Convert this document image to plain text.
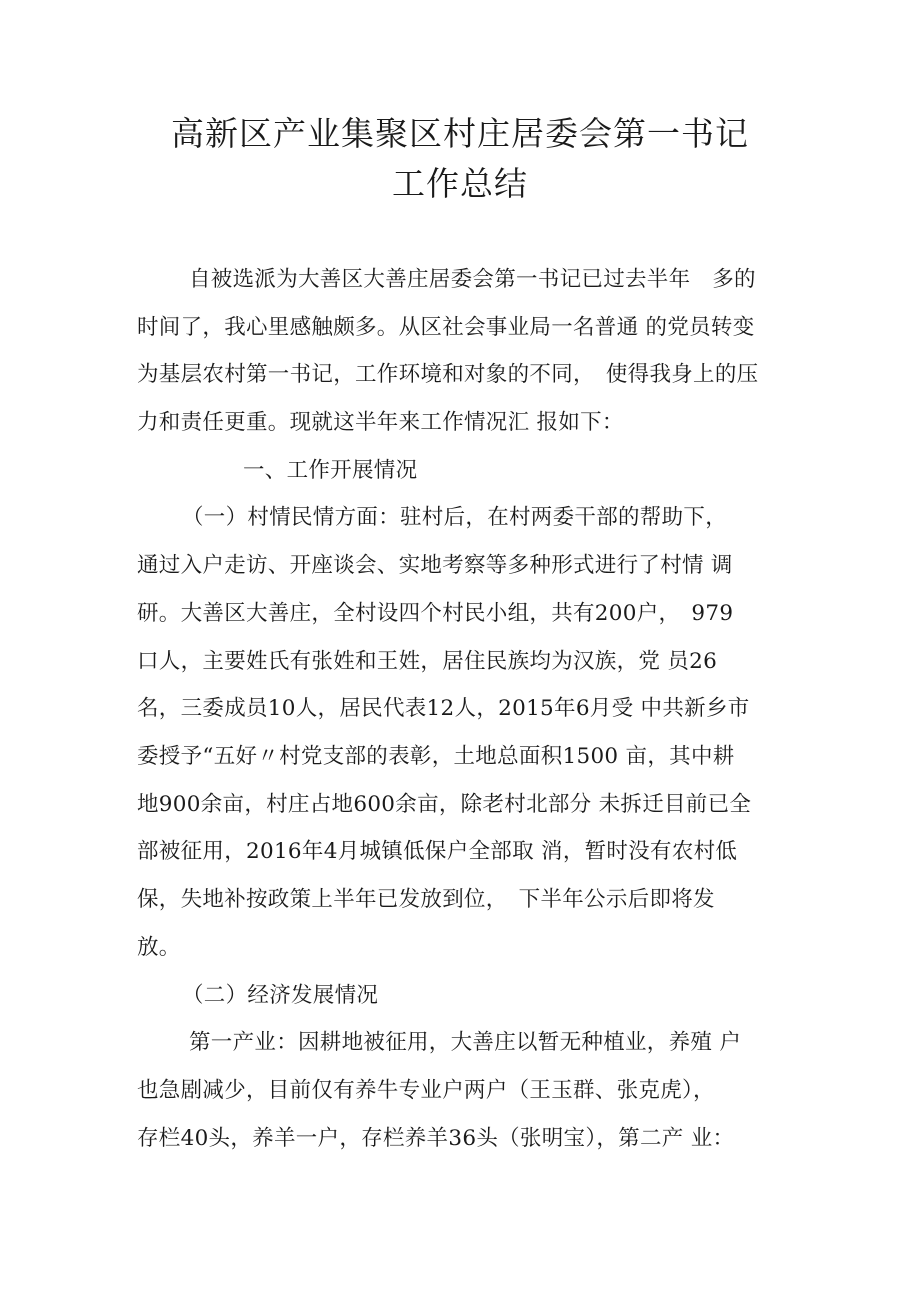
高新区产业集聚区村庄居委会第一书记
工作总结
自被选派为大善区大善庄居委会第一书记已过去半年　多的
时间了，我心里感触颇多。从区社会事业局一名普通 的党员转变
为基层农村第一书记，工作环境和对象的不同，　使得我身上的压
力和责任更重。现就这半年来工作情况汇 报如下：
一、工作开展情况
（一）村情民情方面：驻村后，在村两委干部的帮助下，
通过入户走访、开座谈会、实地考察等多种形式进行了村情 调
研。大善区大善庄，全村设四个村民小组，共有200户，　979
口人，主要姓氏有张姓和王姓，居住民族均为汉族，党 员26
名，三委成员10人，居民代表12人，2015年6月受 中共新乡市
委授予“五好〃村党支部的表彰，土地总面积1500 亩，其中耕
地900余亩，村庄占地600余亩，除老村北部分 未拆迁目前已全
部被征用，2016年4月城镇低保户全部取 消，暂时没有农村低
保，失地补按政策上半年已发放到位，　下半年公示后即将发
放。
（二）经济发展情况
第一产业：因耕地被征用，大善庄以暂无种植业，养殖 户
也急剧减少，目前仅有养牛专业户两户（王玉群、张克虎），
存栏40头，养羊一户，存栏养羊36头（张明宝），第二产 业：
